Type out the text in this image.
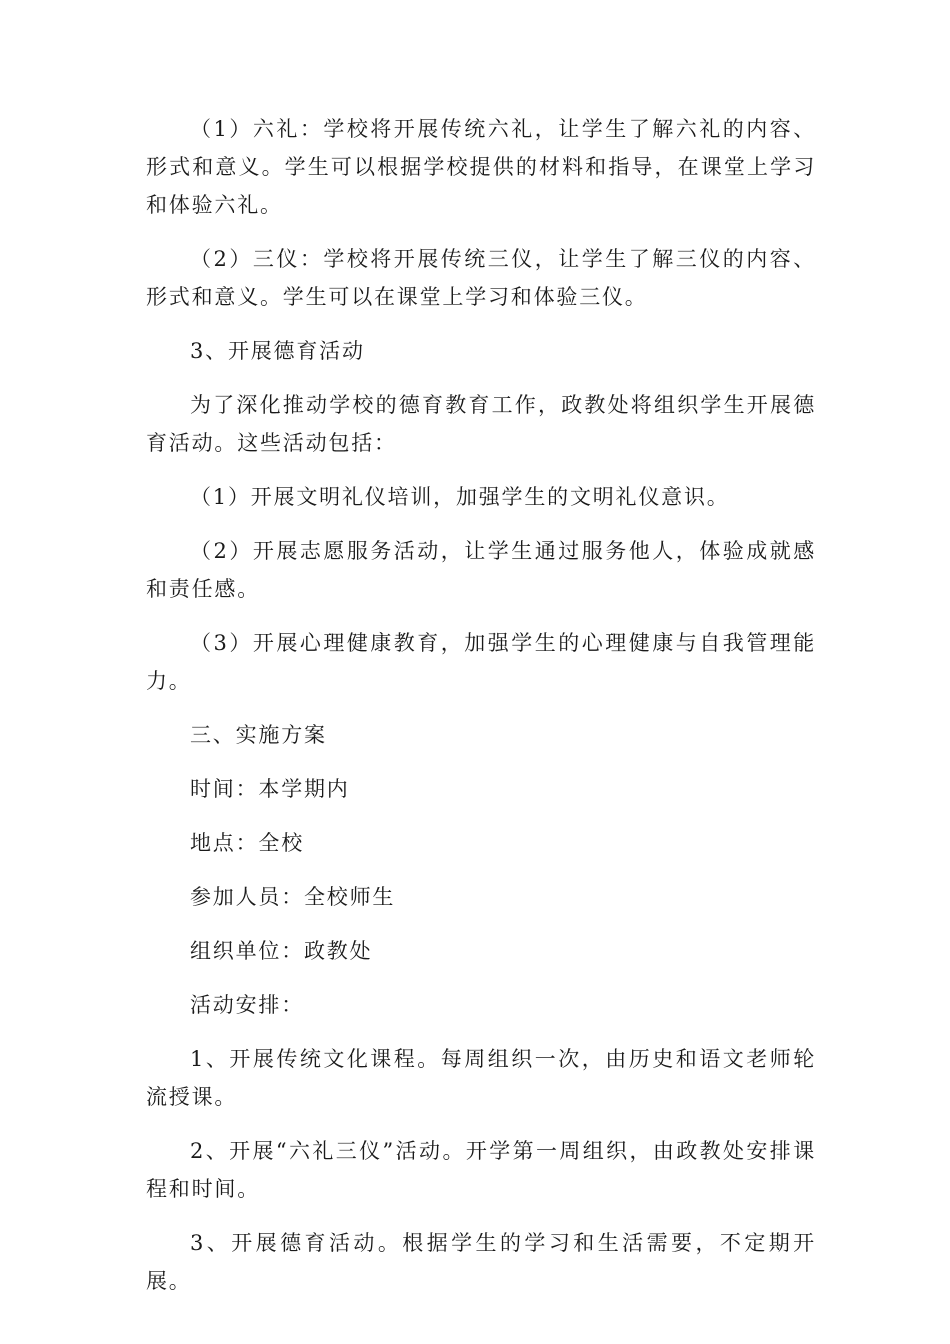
（1）六礼：学校将开展传统六礼，让学生了解六礼的内容、形式和意义。学生可以根据学校提供的材料和指导，在课堂上学习和体验六礼。

（2）三仪：学校将开展传统三仪，让学生了解三仪的内容、形式和意义。学生可以在课堂上学习和体验三仪。

3、开展德育活动

为了深化推动学校的德育教育工作，政教处将组织学生开展德育活动。这些活动包括：

（1）开展文明礼仪培训，加强学生的文明礼仪意识。

（2）开展志愿服务活动，让学生通过服务他人，体验成就感和责任感。

（3）开展心理健康教育，加强学生的心理健康与自我管理能力。

三、实施方案

时间：本学期内

地点：全校

参加人员：全校师生

组织单位：政教处

活动安排：

1、开展传统文化课程。每周组织一次，由历史和语文老师轮流授课。

2、开展“六礼三仪”活动。开学第一周组织，由政教处安排课程和时间。

3、开展德育活动。根据学生的学习和生活需要，不定期开展。
